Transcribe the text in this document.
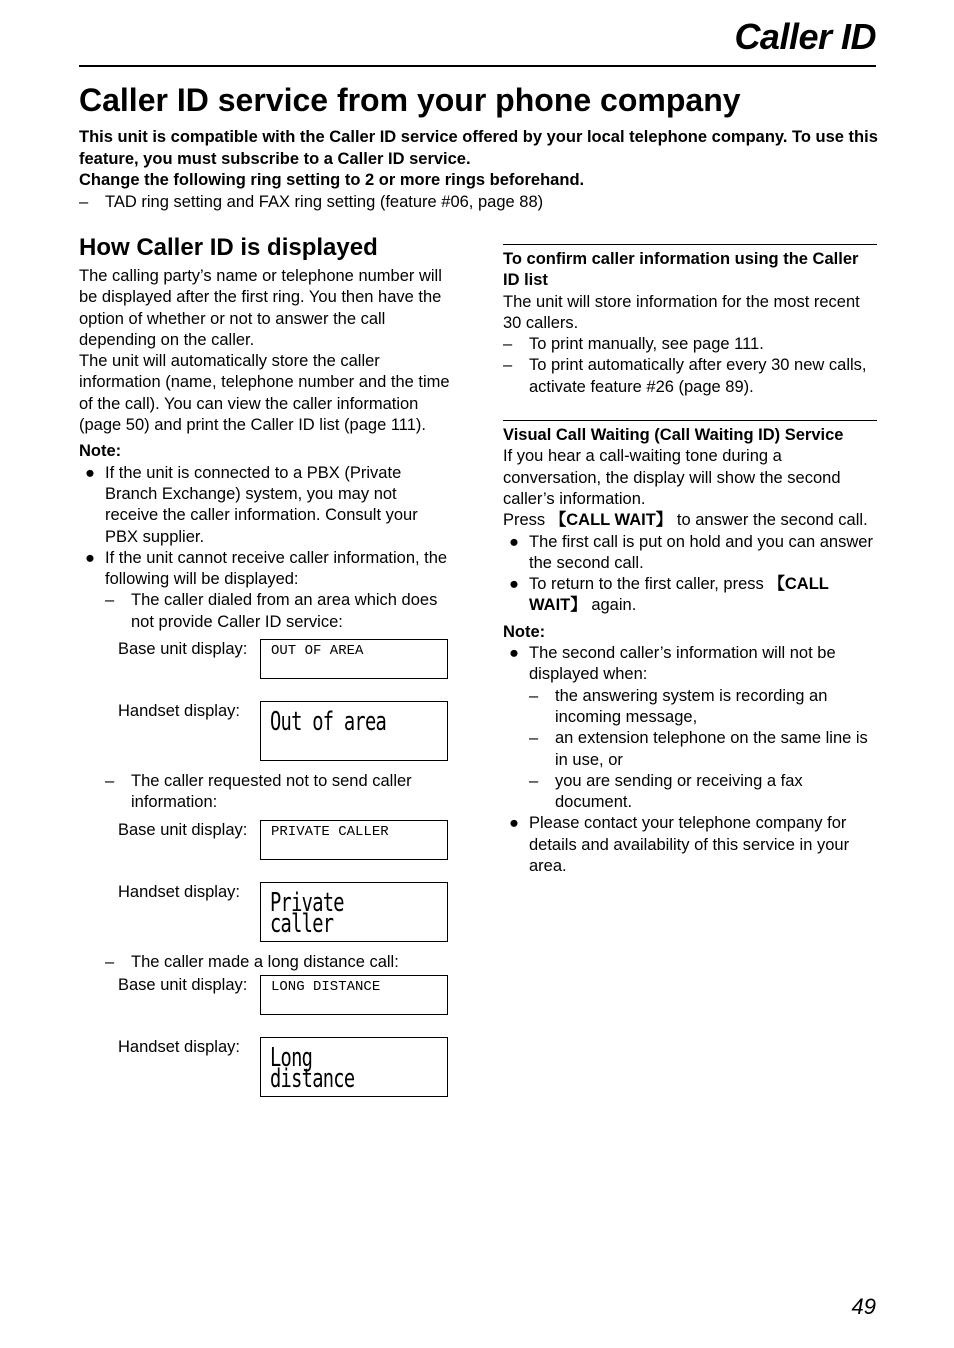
Caller ID
Caller ID service from your phone company

This unit is compatible with the Caller ID service offered by your local telephone company. To use this feature, you must subscribe to a Caller ID service.

Change the following ring setting to 2 or more rings beforehand.

– TAD ring setting and FAX ring setting (feature #06, page 88)

How Caller ID is displayed

The calling party’s name or telephone number will be displayed after the first ring. You then have the option of whether or not to answer the call depending on the caller.

The unit will automatically store the caller information (name, telephone number and the time of the call). You can view the caller information (page 50) and print the Caller ID list (page 111).

Note:

● If the unit is connected to a PBX (Private Branch Exchange) system, you may not receive the caller information. Consult your PBX supplier.

● If the unit cannot receive caller information, the following will be displayed:

– The caller dialed from an area which does not provide Caller ID service:

Base unit display:	OUT OF AREA
Handset display:	Out of area

– The caller requested not to send caller information:

Base unit display:	PRIVATE CALLER
Handset display:	Private caller

– The caller made a long distance call:

Base unit display:	LONG DISTANCE
Handset display:	Long distance

To confirm caller information using the Caller ID list

The unit will store information for the most recent 30 callers.

– To print manually, see page 111.

– To print automatically after every 30 new calls, activate feature #26 (page 89).

Visual Call Waiting (Call Waiting ID) Service

If you hear a call-waiting tone during a conversation, the display will show the second caller’s information.

Press 【CALL WAIT】 to answer the second call.

● The first call is put on hold and you can answer the second call.

● To return to the first caller, press 【CALL WAIT】 again.

Note:

● The second caller’s information will not be displayed when:

– the answering system is recording an incoming message,

– an extension telephone on the same line is in use, or

– you are sending or receiving a fax document.

● Please contact your telephone company for details and availability of this service in your area.

49
